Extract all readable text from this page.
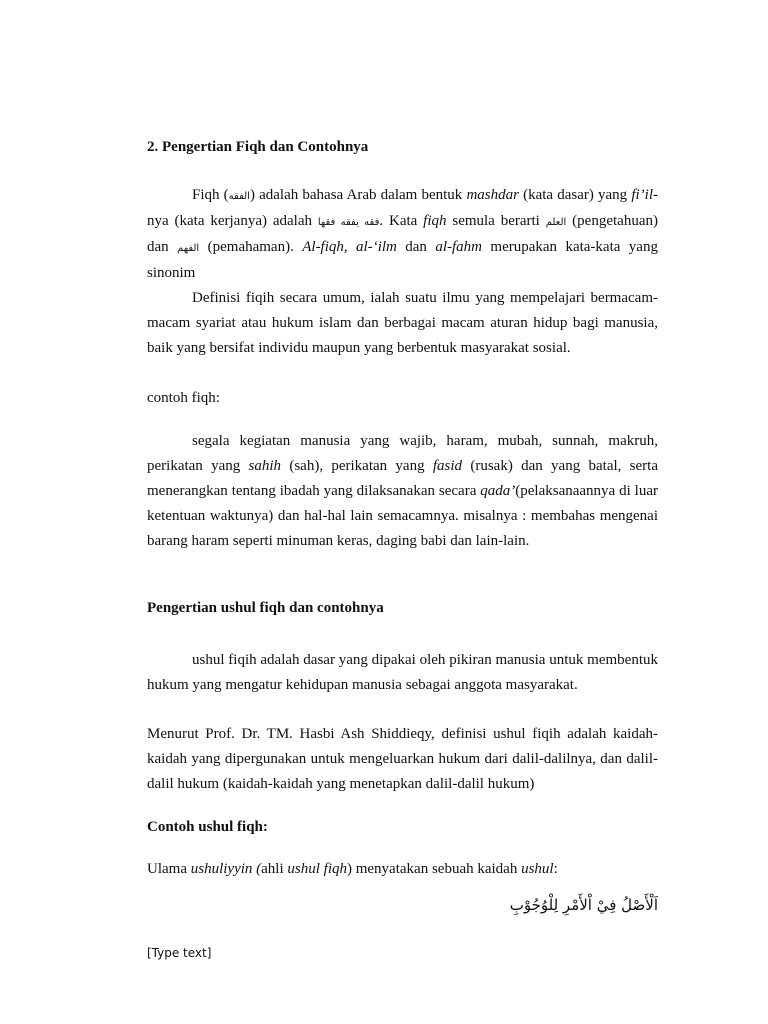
2. Pengertian Fiqh dan Contohnya
Fiqh (الفقه) adalah bahasa Arab dalam bentuk mashdar (kata dasar) yang fi’il-nya (kata kerjanya) adalah فقه يفقه فقها. Kata fiqh semula berarti العلم (pengetahuan) dan الفهم (pemahaman). Al-fiqh, al-‘ilm dan al-fahm merupakan kata-kata yang sinonim
Definisi fiqih secara umum, ialah suatu ilmu yang mempelajari bermacam-macam syariat atau hukum islam dan berbagai macam aturan hidup bagi manusia, baik yang bersifat individu maupun yang berbentuk masyarakat sosial.
contoh fiqh:
segala kegiatan manusia yang wajib, haram, mubah, sunnah, makruh, perikatan yang sahih (sah), perikatan yang fasid (rusak) dan yang batal, serta menerangkan tentang ibadah yang dilaksanakan secara qada’(pelaksanaannya di luar ketentuan waktunya) dan hal-hal lain semacamnya. misalnya : membahas mengenai barang haram seperti minuman keras, daging babi dan lain-lain.
Pengertian ushul fiqh dan contohnya
ushul fiqih adalah dasar yang dipakai oleh pikiran manusia untuk membentuk hukum yang mengatur kehidupan manusia sebagai anggota masyarakat.
Menurut Prof. Dr. TM. Hasbi Ash Shiddieqy, definisi ushul fiqih adalah kaidah-kaidah yang dipergunakan untuk mengeluarkan hukum dari dalil-dalilnya, dan dalil-dalil hukum (kaidah-kaidah yang menetapkan dalil-dalil hukum)
Contoh ushul fiqh:
Ulama ushuliyyin (ahli ushul fiqh) menyatakan sebuah kaidah ushul:
اَلْأَصْلُ فِيْ اْلأَمْرِ لِلْوُجُوْبِ
[Type text]
